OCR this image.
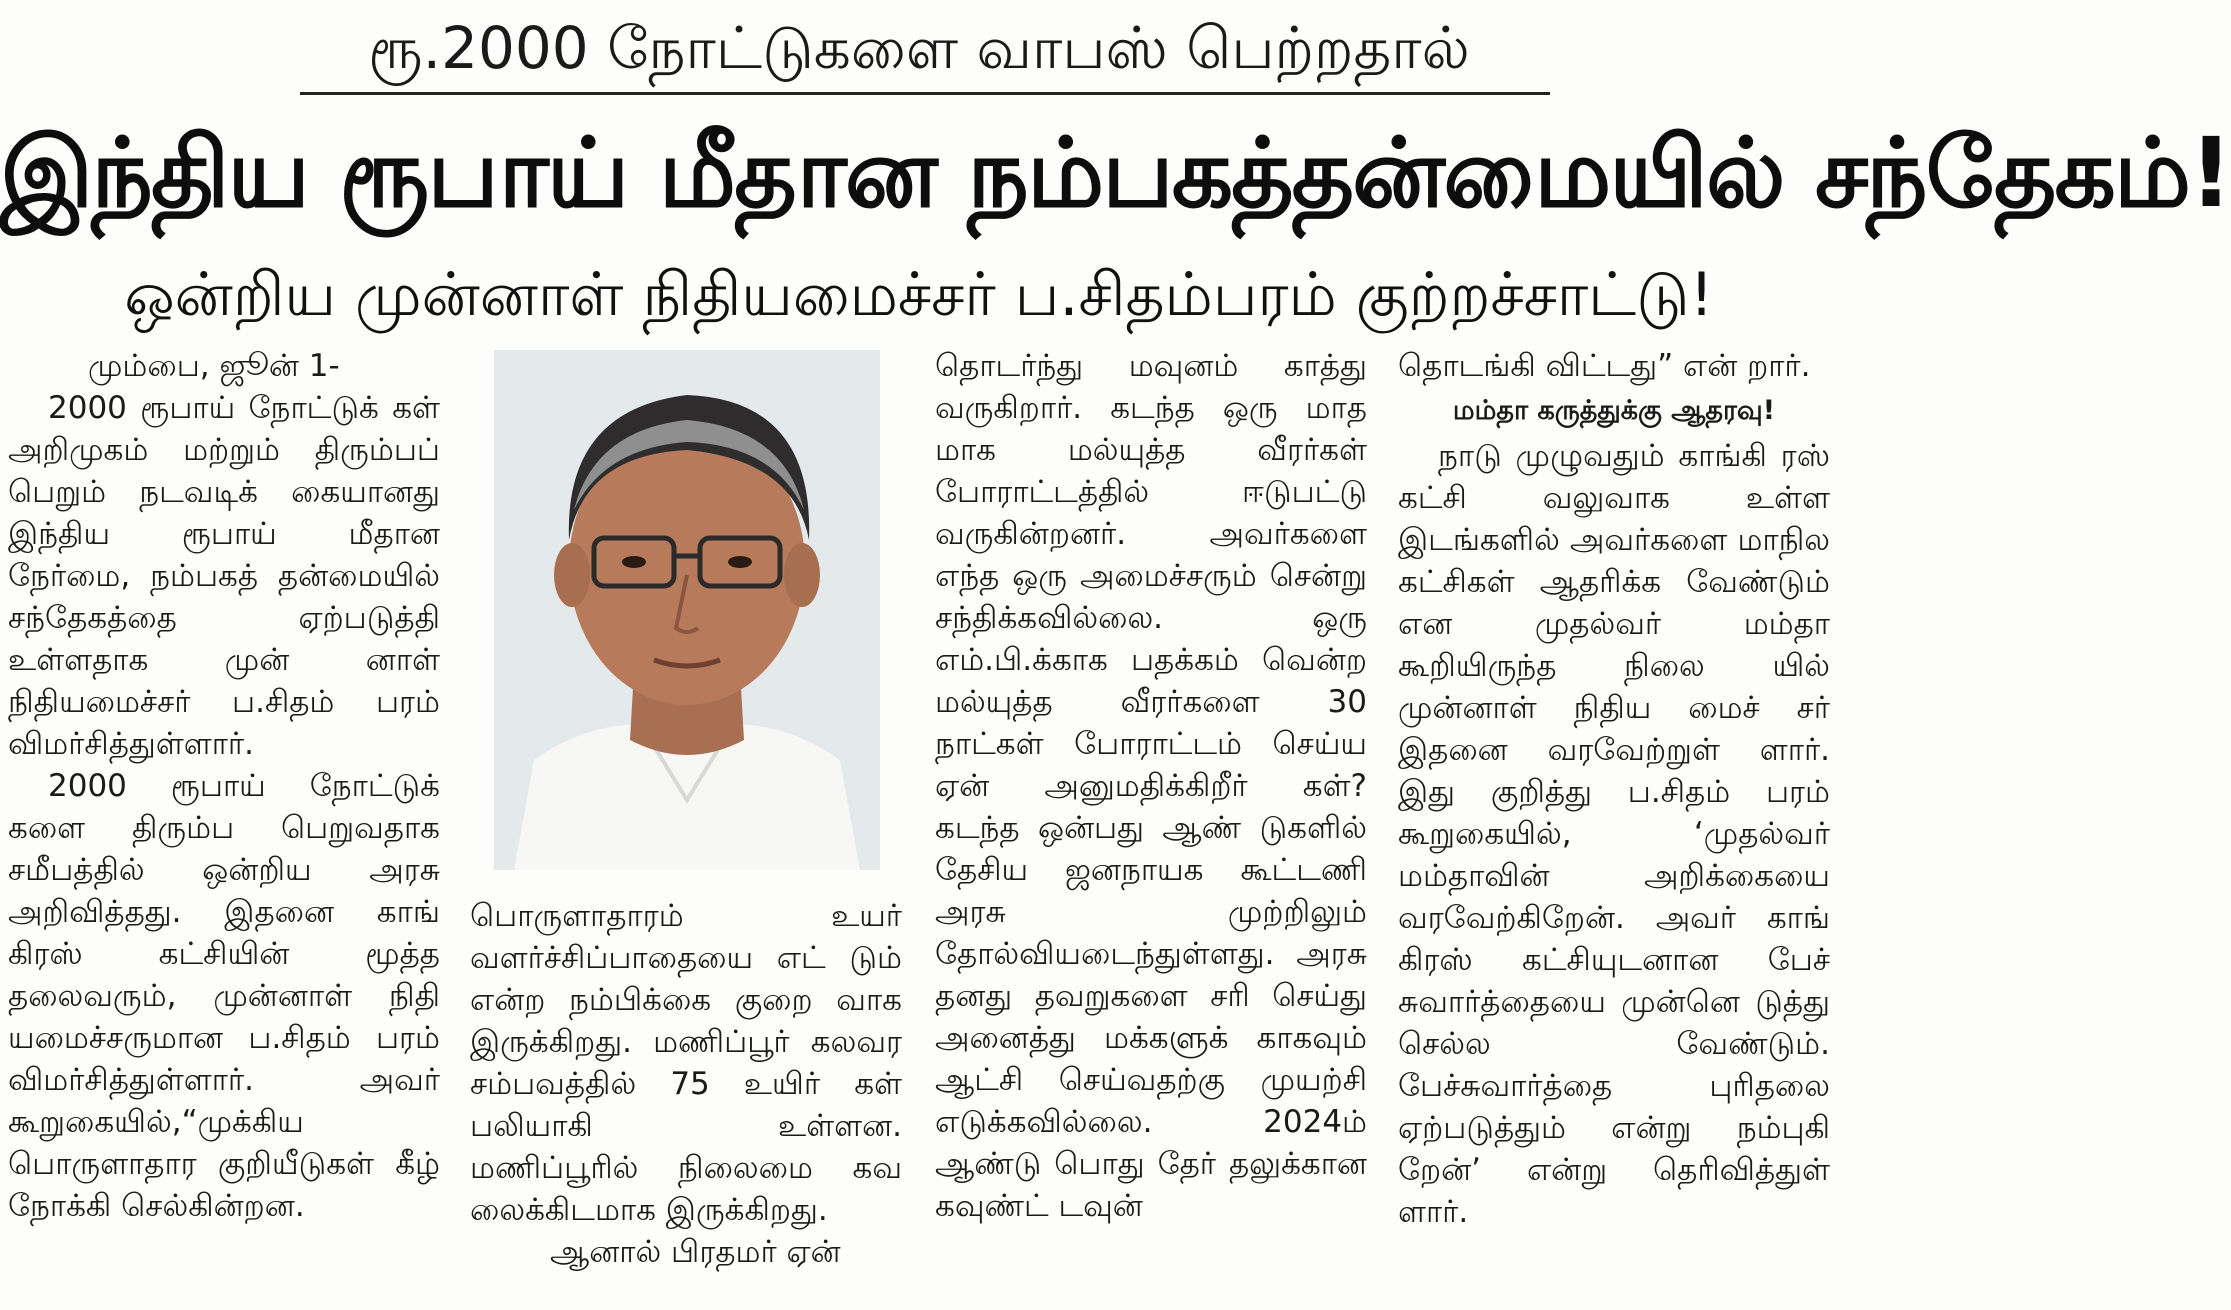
ரூ.2000 நோட்டுகளை வாபஸ் பெற்றதால்
இந்திய ரூபாய் மீதான நம்பகத்தன்மையில் சந்தேகம்!
ஒன்றிய முன்னாள் நிதியமைச்சர் ப.சிதம்பரம் குற்றச்சாட்டு!

மும்பை, ஜூன் 1-

2000 ரூபாய் நோட்டுக் கள் அறிமுகம் மற்றும் திரும்பப் பெறும் நடவடிக் கையானது இந்திய ரூபாய் மீதான நேர்மை, நம்பகத் தன்மையில் சந்தேகத்தை ஏற்படுத்தி உள்ளதாக முன் னாள் நிதியமைச்சர் ப.சிதம் பரம் விமர்சித்துள்ளார்.

2000 ரூபாய் நோட்டுக் களை திரும்ப பெறுவதாக சமீபத்தில் ஒன்றிய அரசு அறிவித்தது. இதனை காங் கிரஸ் கட்சியின் மூத்த தலைவரும், முன்னாள் நிதி யமைச்சருமான ப.சிதம் பரம் விமர்சித்துள்ளார். அவர் கூறுகையில்,“முக்கிய பொருளாதார குறியீடுகள் கீழ் நோக்கி செல்கின்றன.

பொருளாதாரம் உயர் வளர்ச்சிப்பாதையை எட் டும் என்ற நம்பிக்கை குறை வாக இருக்கிறது. மணிப்பூர் கலவர சம்பவத்தில் 75 உயிர் கள் பலியாகி உள்ளன. மணிப்பூரில் நிலைமை கவ லைக்கிடமாக இருக்கிறது.

ஆனால் பிரதமர் ஏன்

தொடர்ந்து மவுனம் காத்து வருகிறார். கடந்த ஒரு மாத மாக மல்யுத்த வீரர்கள் போராட்டத்தில் ஈடுபட்டு வருகின்றனர். அவர்களை எந்த ஒரு அமைச்சரும் சென்று சந்திக்கவில்லை. ஒரு எம்.பி.க்காக பதக்கம் வென்ற மல்யுத்த வீரர்களை 30 நாட்கள் போராட்டம் செய்ய ஏன் அனுமதிக்கிறீர் கள்? கடந்த ஒன்பது ஆண் டுகளில் தேசிய ஜனநாயக கூட்டணி அரசு முற்றிலும் தோல்வியடைந்துள்ளது. அரசு தனது தவறுகளை சரி செய்து அனைத்து மக்களுக் காகவும் ஆட்சி செய்வதற்கு முயற்சி எடுக்கவில்லை. 2024ம் ஆண்டு பொது தேர் தலுக்கான கவுண்ட் டவுன்

தொடங்கி விட்டது” என் றார்.

மம்தா கருத்துக்கு ஆதரவு!

நாடு முழுவதும் காங்கி ரஸ் கட்சி வலுவாக உள்ள இடங்களில் அவர்களை மாநில கட்சிகள் ஆதரிக்க வேண்டும் என முதல்வர் மம்தா கூறியிருந்த நிலை யில் முன்னாள் நிதிய மைச் சர் இதனை வரவேற்றுள் ளார். இது குறித்து ப.சிதம் பரம் கூறுகையில், ‘முதல்வர் மம்தாவின் அறிக்கையை வரவேற்கிறேன். அவர் காங் கிரஸ் கட்சியுடனான பேச் சுவார்த்தையை முன்னெ டுத்து செல்ல வேண்டும். பேச்சுவார்த்தை புரிதலை ஏற்படுத்தும் என்று நம்புகி றேன்’ என்று தெரிவித்துள் ளார்.
